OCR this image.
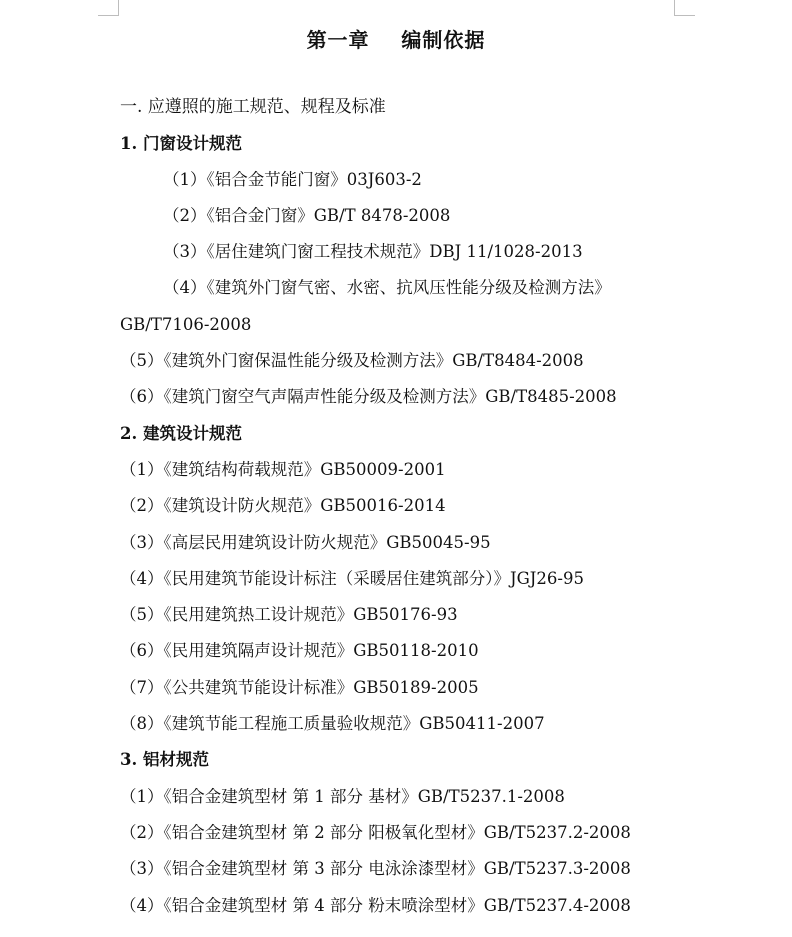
第一章    编制依据
一. 应遵照的施工规范、规程及标准
1. 门窗设计规范
（1）《铝合金节能门窗》03J603-2
（2）《铝合金门窗》GB/T 8478-2008
（3）《居住建筑门窗工程技术规范》DBJ 11/1028-2013
（4）《建筑外门窗气密、水密、抗风压性能分级及检测方法》
GB/T7106-2008
（5）《建筑外门窗保温性能分级及检测方法》GB/T8484-2008
（6）《建筑门窗空气声隔声性能分级及检测方法》GB/T8485-2008
2. 建筑设计规范
（1）《建筑结构荷载规范》GB50009-2001
（2）《建筑设计防火规范》GB50016-2014
（3）《高层民用建筑设计防火规范》GB50045-95
（4）《民用建筑节能设计标注（采暖居住建筑部分）》JGJ26-95
（5）《民用建筑热工设计规范》GB50176-93
（6）《民用建筑隔声设计规范》GB50118-2010
（7）《公共建筑节能设计标准》GB50189-2005
（8）《建筑节能工程施工质量验收规范》GB50411-2007
3. 铝材规范
（1）《铝合金建筑型材 第 1 部分 基材》GB/T5237.1-2008
（2）《铝合金建筑型材 第 2 部分 阳极氧化型材》GB/T5237.2-2008
（3）《铝合金建筑型材 第 3 部分 电泳涂漆型材》GB/T5237.3-2008
（4）《铝合金建筑型材 第 4 部分 粉末喷涂型材》GB/T5237.4-2008
